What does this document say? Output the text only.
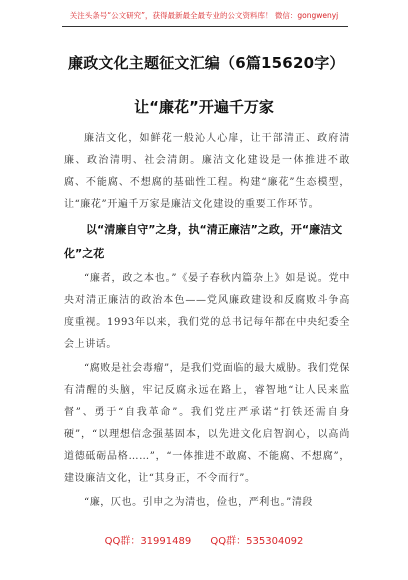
关注头条号“公文研究”，获得最新最全最专业的公文资料库！ 微信：gongwenyj
廉政文化主题征文汇编（6篇15620字）
让“廉花”开遍千万家

廉洁文化，如鲜花一般沁人心扉，让干部清正、政府清廉、政治清明、社会清朗。廉洁文化建设是一体推进不敢腐、不能腐、不想腐的基础性工程。构建“廉花”生态模型，让“廉花”开遍千万家是廉洁文化建设的重要工作环节。

以“清廉自守”之身，执“清正廉洁”之政，开“廉洁文化”之花

“廉者，政之本也。”《晏子春秋内篇杂上》如是说。党中央对清正廉洁的政治本色——党风廉政建设和反腐败斗争高度重视。1993年以来，我们党的总书记每年都在中央纪委全会上讲话。

“腐败是社会毒瘤”，是我们党面临的最大威胁。我们党保有清醒的头脑，牢记反腐永远在路上，睿智地“让人民来监督”、勇于“自我革命”。我们党庄严承诺“打铁还需自身硬”，“以理想信念强基固本，以先进文化启智润心，以高尚道德砥砺品格……”，“一体推进不敢腐、不能腐、不想腐”，建设廉洁文化，让“其身正，不令而行”。

“廉，仄也。引申之为清也，俭也，严利也。”清段

QQ群：31991489 QQ群：535304092
